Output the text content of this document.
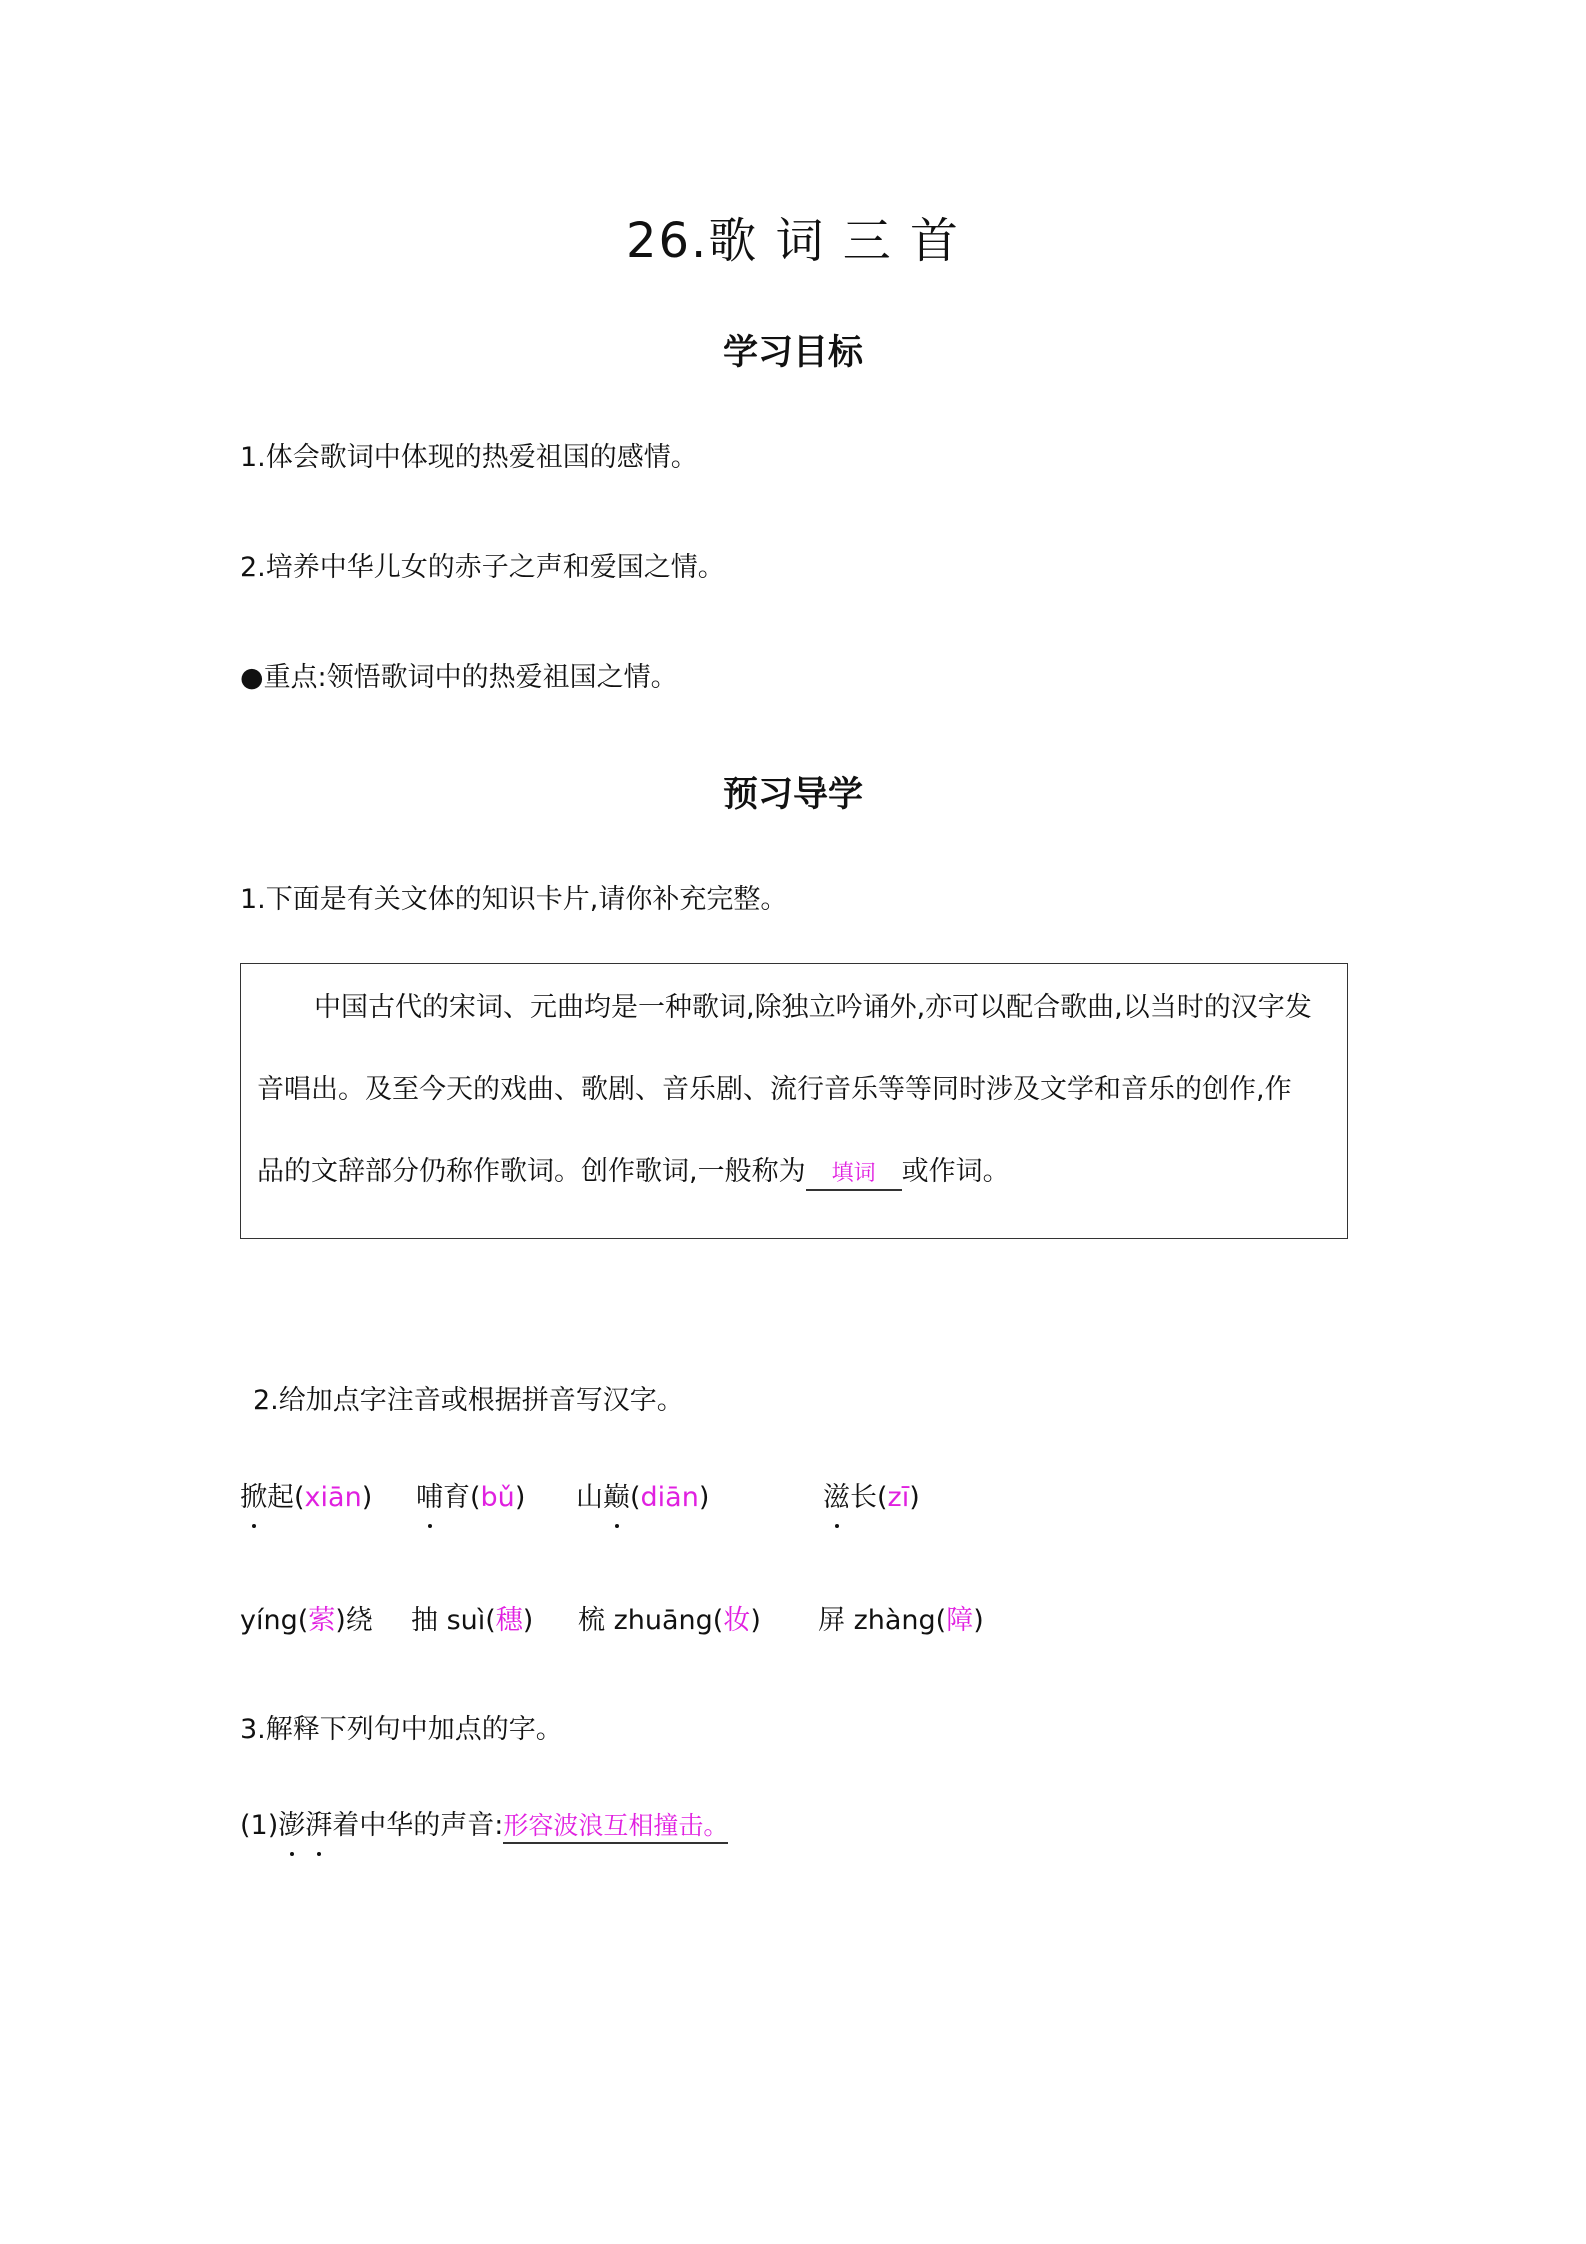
26.歌 词 三 首
学习目标
1.体会歌词中体现的热爱祖国的感情。
2.培养中华儿女的赤子之声和爱国之情。
●重点:领悟歌词中的热爱祖国之情。
预习导学
1.下面是有关文体的知识卡片,请你补充完整。
中国古代的宋词、元曲均是一种歌词,除独立吟诵外,亦可以配合歌曲,以当时的汉字发
音唱出。及至今天的戏曲、歌剧、音乐剧、流行音乐等等同时涉及文学和音乐的创作,作
品的文辞部分仍称作歌词。创作歌词,一般称为 填词 或作词。
2.给加点字注音或根据拼音写汉字。
掀起(xiān) 哺育(bǔ) 山巅(diān)	滋长(zī)
yíng(萦)绕 抽 suì(穗) 梳 zhuāng(妆) 屏 zhàng(障)
3.解释下列句中加点的字。
(1)澎湃着中华的声音:形容波浪互相撞击。
